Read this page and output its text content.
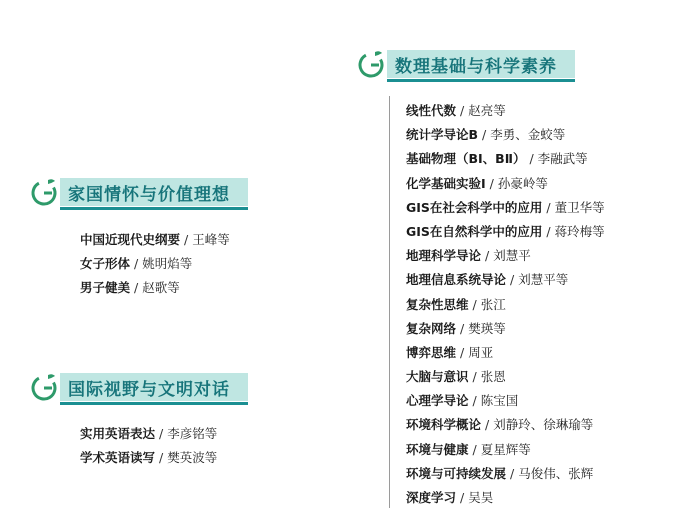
家国情怀与价值理想
中国近现代史纲要 / 王峰等
女子形体 / 姚明焰等
男子健美 / 赵歌等
国际视野与文明对话
实用英语表达 / 李彦铭等
学术英语读写 / 樊英波等
数理基础与科学素养
线性代数 / 赵亮等
统计学导论B / 李勇、金蛟等
基础物理（BⅠ、BⅡ） / 李融武等
化学基础实验Ⅰ / 孙豪岭等
GIS在社会科学中的应用 / 董卫华等
GIS在自然科学中的应用 / 蒋玲梅等
地理科学导论 / 刘慧平
地理信息系统导论 / 刘慧平等
复杂性思维 / 张江
复杂网络 / 樊瑛等
博弈思维 / 周亚
大脑与意识 / 张恩
心理学导论 / 陈宝国
环境科学概论 / 刘静玲、徐琳瑜等
环境与健康 / 夏星辉等
环境与可持续发展 / 马俊伟、张辉
深度学习 / 吴昊
